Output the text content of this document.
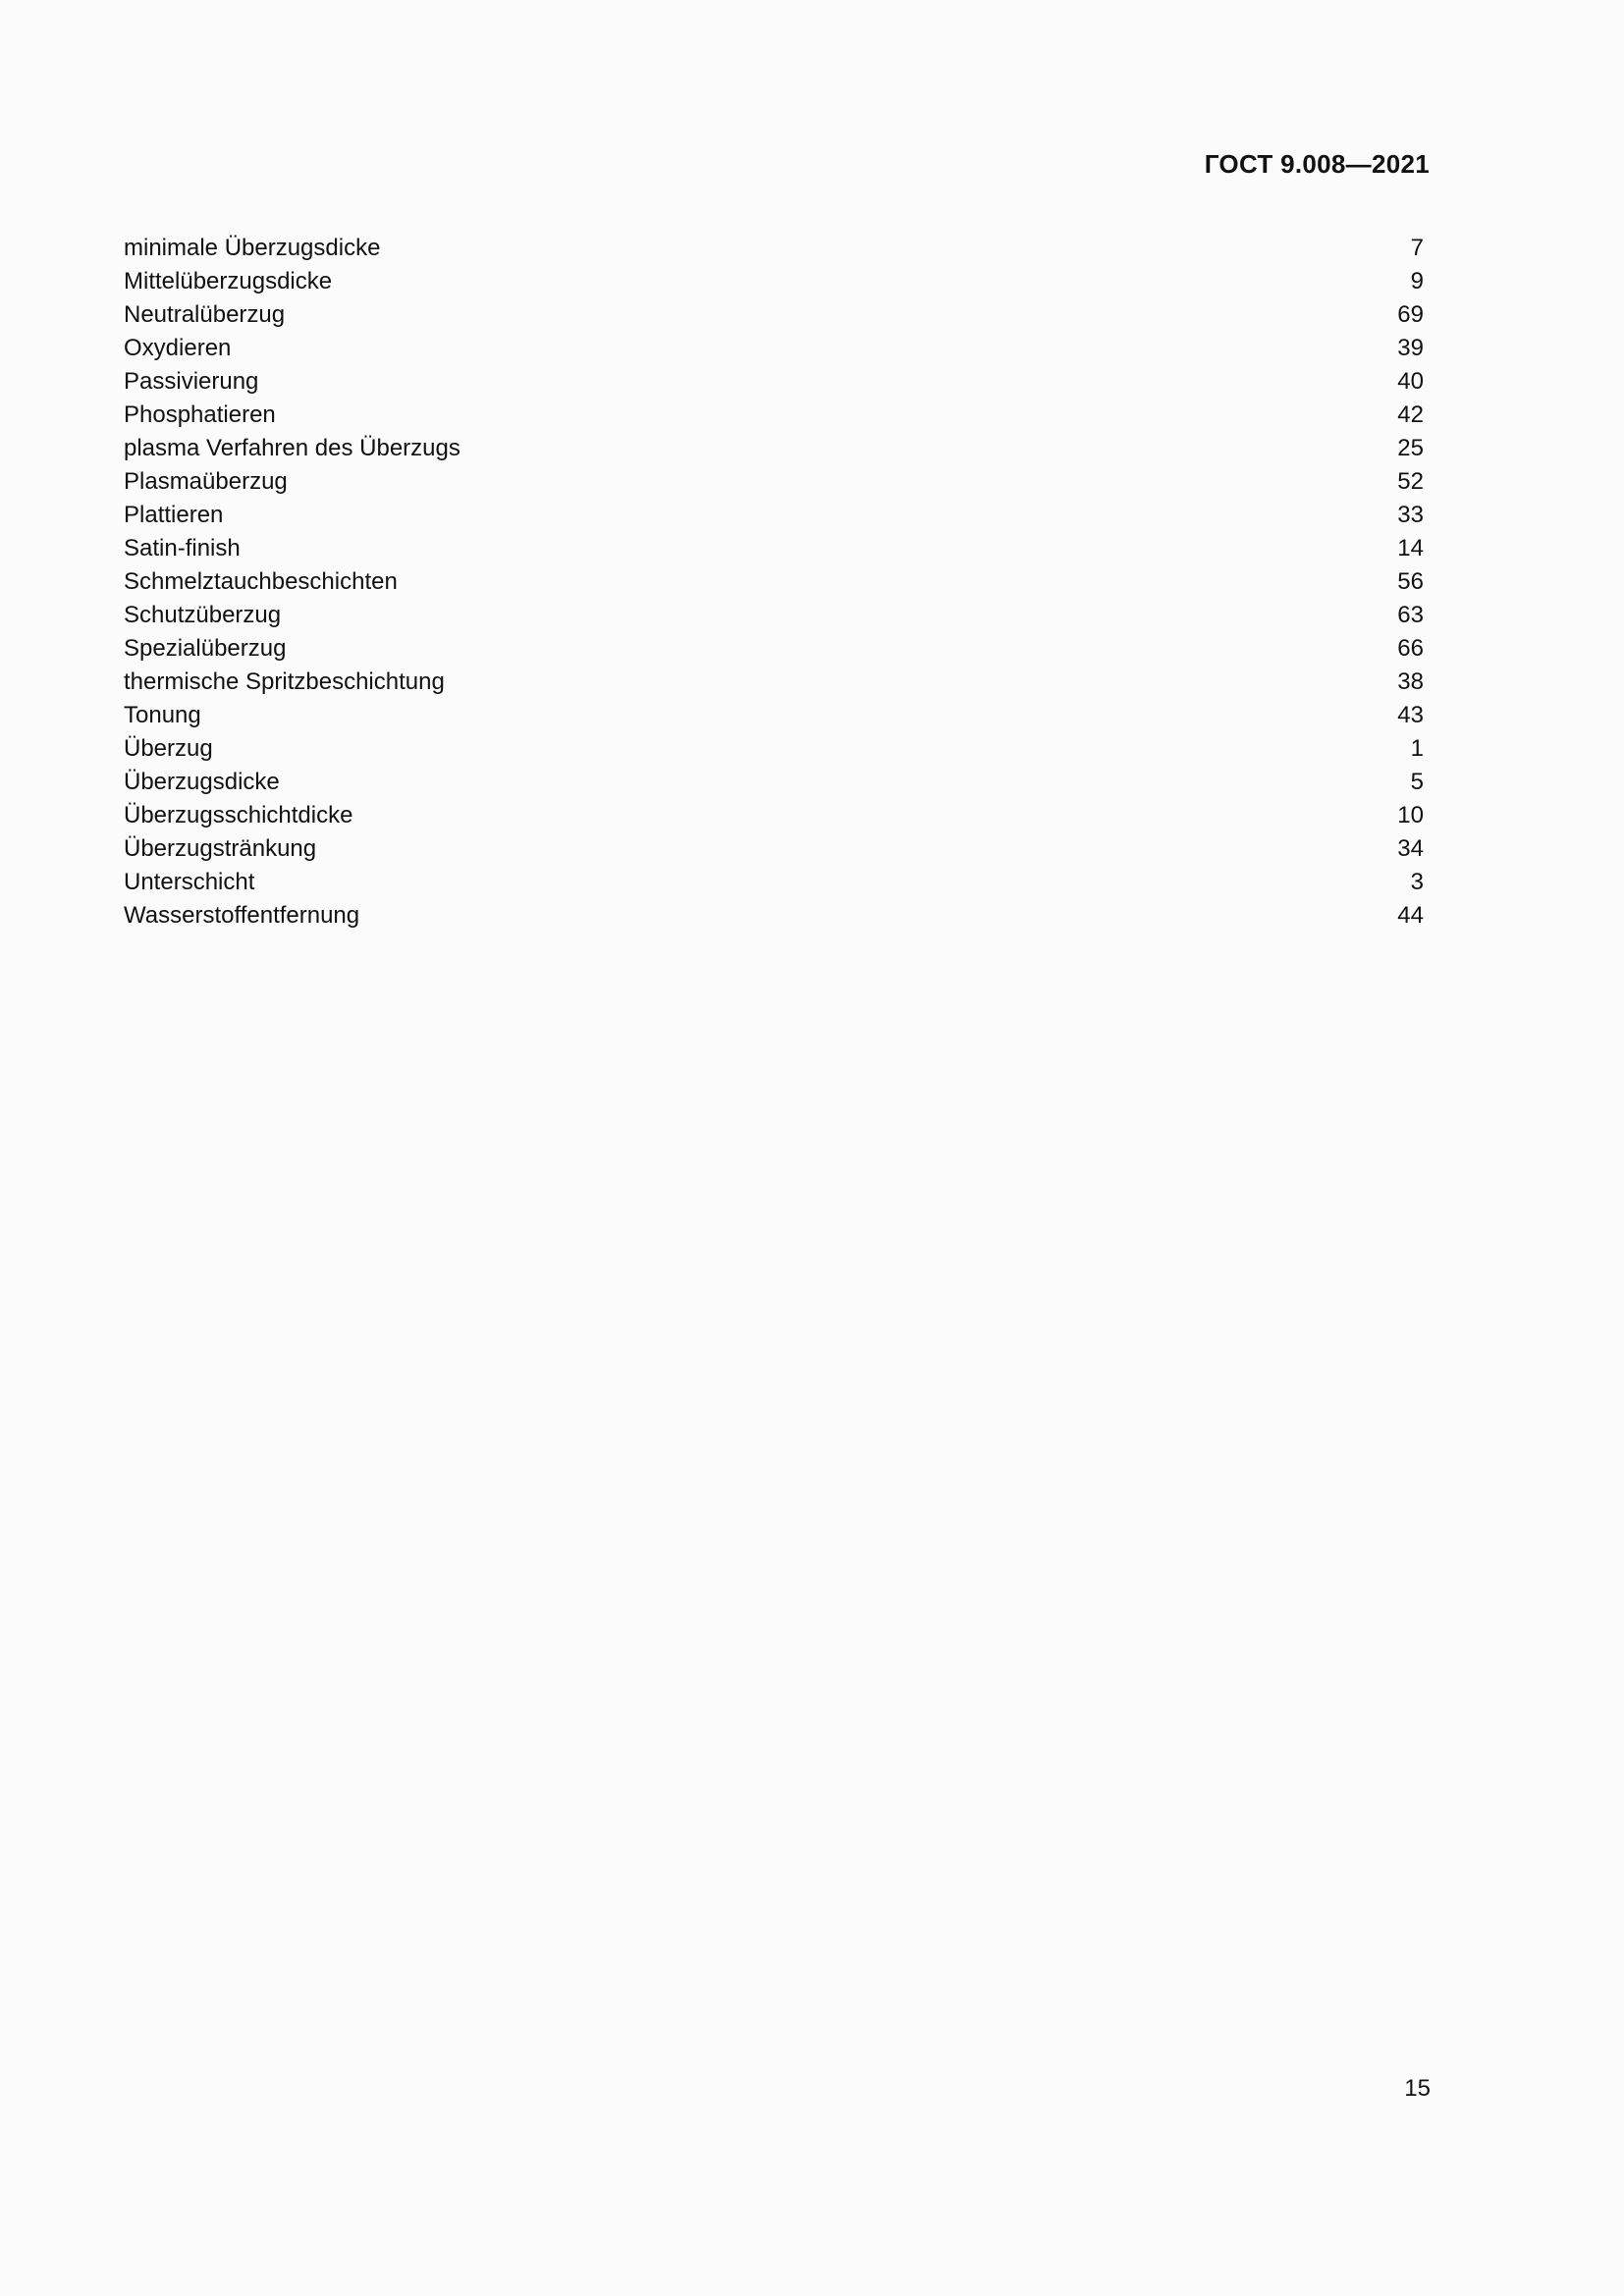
ГОСТ 9.008—2021
minimale Überzugsdicke	7
Mittelüberzugsdicke	9
Neutralüberzug	69
Oxydieren	39
Passivierung	40
Phosphatieren	42
plasma Verfahren des Überzugs	25
Plasmaüberzug	52
Plattieren	33
Satin-finish	14
Schmelztauchbeschichten	56
Schutzüberzug	63
Spezialüberzug	66
thermische Spritzbeschichtung	38
Tonung	43
Überzug	1
Überzugsdicke	5
Überzugsschichtdicke	10
Überzugstränkung	34
Unterschicht	3
Wasserstoffentfernung	44
15
